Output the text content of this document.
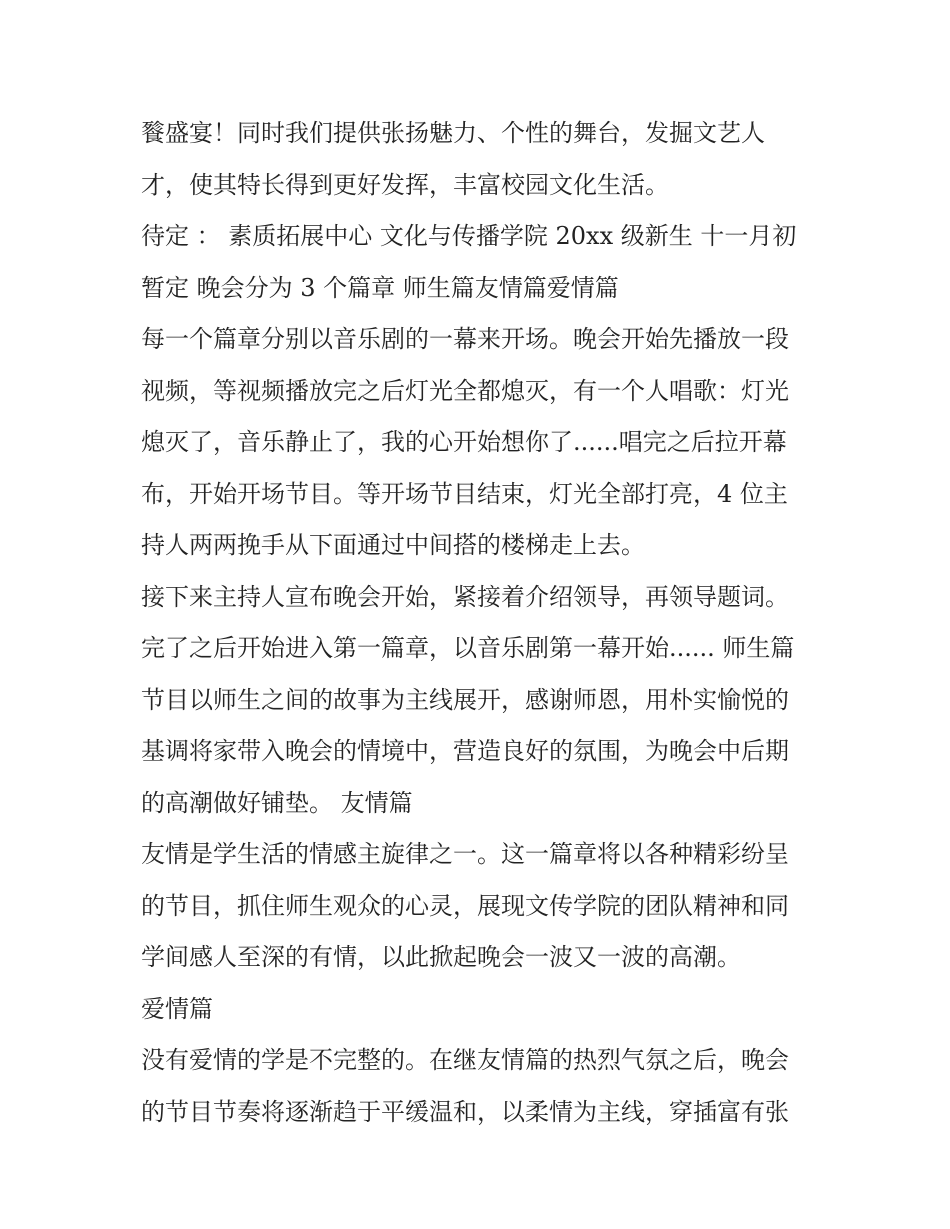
餮盛宴！同时我们提供张扬魅力、个性的舞台，发掘文艺人
才，使其特长得到更好发挥，丰富校园文化生活。
待定 ： 素质拓展中心 文化与传播学院 20xx 级新生 十一月初
暂定 晚会分为 3 个篇章 师生篇友情篇爱情篇
每一个篇章分别以音乐剧的一幕来开场。晚会开始先播放一段
视频，等视频播放完之后灯光全都熄灭，有一个人唱歌：灯光
熄灭了，音乐静止了，我的心开始想你了......唱完之后拉开幕
布，开始开场节目。等开场节目结束，灯光全部打亮，4 位主
持人两两挽手从下面通过中间搭的楼梯走上去。
接下来主持人宣布晚会开始，紧接着介绍领导，再领导题词。
完了之后开始进入第一篇章，以音乐剧第一幕开始...... 师生篇
节目以师生之间的故事为主线展开，感谢师恩，用朴实愉悦的
基调将家带入晚会的情境中，营造良好的氛围，为晚会中后期
的高潮做好铺垫。 友情篇
友情是学生活的情感主旋律之一。这一篇章将以各种精彩纷呈
的节目，抓住师生观众的心灵，展现文传学院的团队精神和同
学间感人至深的有情，以此掀起晚会一波又一波的高潮。
爱情篇
没有爱情的学是不完整的。在继友情篇的热烈气氛之后，晚会
的节目节奏将逐渐趋于平缓温和，以柔情为主线，穿插富有张
